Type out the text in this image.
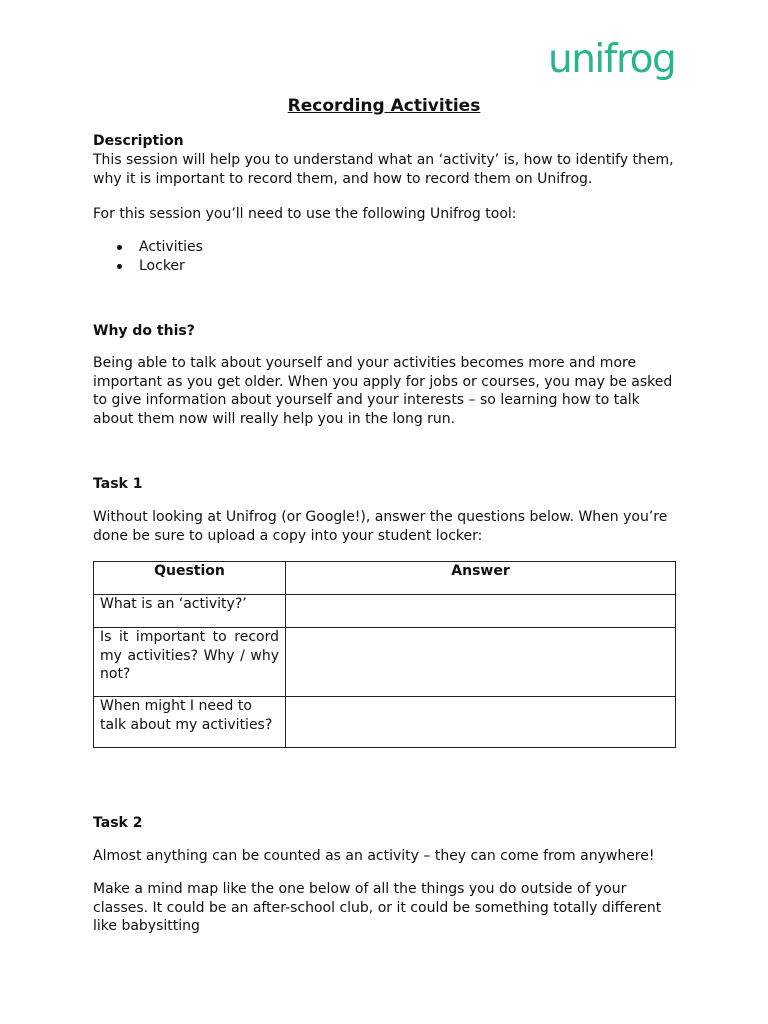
unifrog
Recording Activities
Description
This session will help you to understand what an ‘activity’ is, how to identify them, why it is important to record them, and how to record them on Unifrog.
For this session you’ll need to use the following Unifrog tool:
Activities
Locker
Why do this?
Being able to talk about yourself and your activities becomes more and more important as you get older. When you apply for jobs or courses, you may be asked to give information about yourself and your interests – so learning how to talk about them now will really help you in the long run.
Task 1
Without looking at Unifrog (or Google!), answer the questions below. When you’re done be sure to upload a copy into your student locker:
Question	Answer
What is an ‘activity?’	
Is it important to record my activities? Why / why not?	
When might I need to talk about my activities?	
Task 2
Almost anything can be counted as an activity – they can come from anywhere!
Make a mind map like the one below of all the things you do outside of your classes. It could be an after-school club, or it could be something totally different like babysitting
